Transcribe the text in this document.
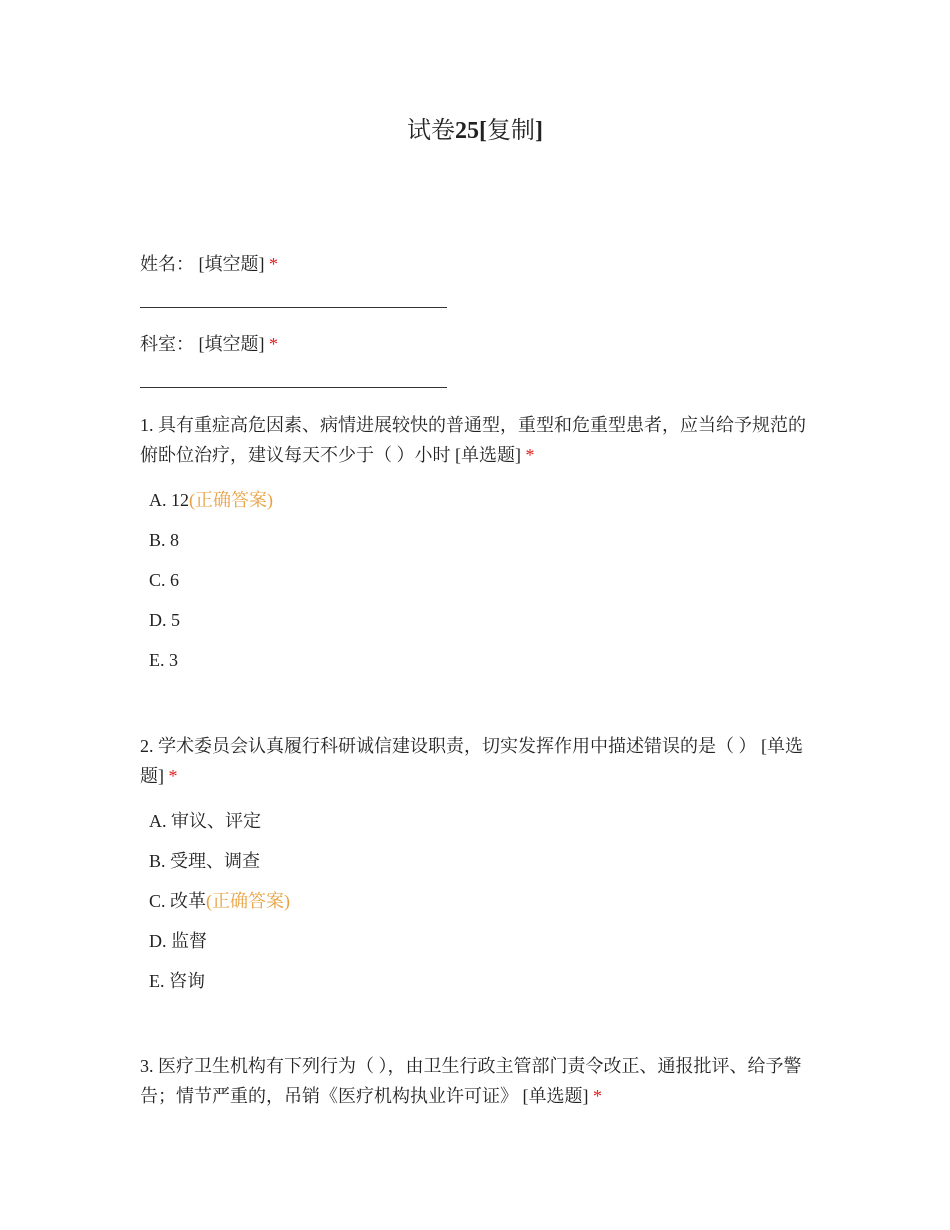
试卷25[复制]
姓名： [填空题] *
科室： [填空题] *

1. 具有重症高危因素、病情进展较快的普通型，重型和危重型患者，应当给予规范的俯卧位治疗，建议每天不少于（ ）小时 [单选题] *

A. 12(正确答案)
B. 8
C. 6
D. 5
E. 3

2. 学术委员会认真履行科研诚信建设职责，切实发挥作用中描述错误的是（ ） [单选题] *

A. 审议、评定
B. 受理、调查
C. 改革(正确答案)
D. 监督
E. 咨询

3. 医疗卫生机构有下列行为（ ），由卫生行政主管部门责令改正、通报批评、给予警告；情节严重的，吊销《医疗机构执业许可证》 [单选题] *
